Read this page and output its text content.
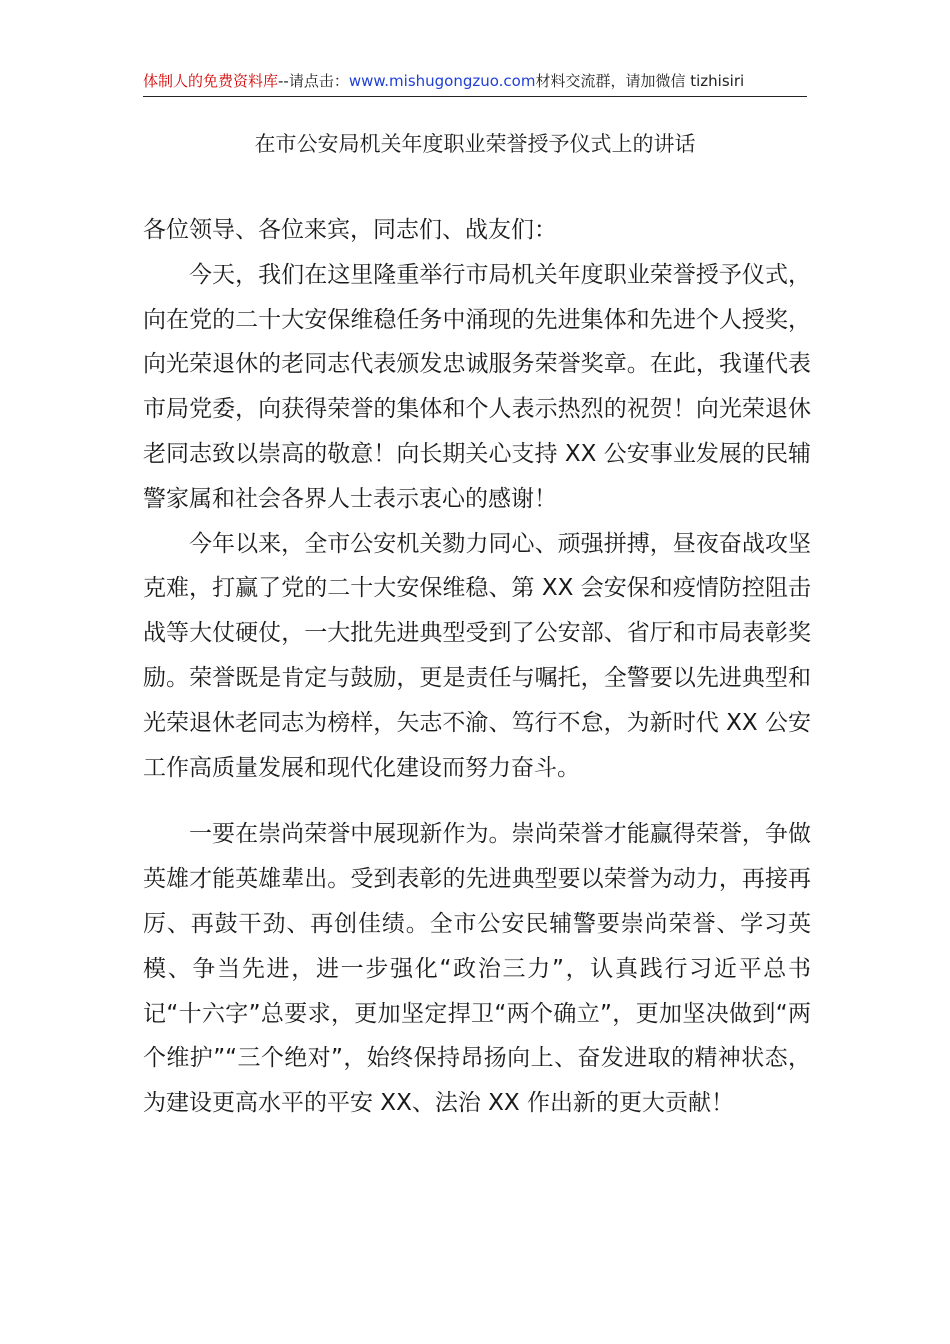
体制人的免费资料库--请点击：www.mishugongzuo.com材料交流群，请加微信 tizhisiri
在市公安局机关年度职业荣誉授予仪式上的讲话

各位领导、各位来宾，同志们、战友们：

今天，我们在这里隆重举行市局机关年度职业荣誉授予仪式，向在党的二十大安保维稳任务中涌现的先进集体和先进个人授奖，向光荣退休的老同志代表颁发忠诚服务荣誉奖章。在此，我谨代表市局党委，向获得荣誉的集体和个人表示热烈的祝贺！向光荣退休老同志致以崇高的敬意！向长期关心支持 XX 公安事业发展的民辅警家属和社会各界人士表示衷心的感谢！

今年以来，全市公安机关勠力同心、顽强拼搏，昼夜奋战攻坚克难，打赢了党的二十大安保维稳、第 XX 会安保和疫情防控阻击战等大仗硬仗，一大批先进典型受到了公安部、省厅和市局表彰奖励。荣誉既是肯定与鼓励，更是责任与嘱托，全警要以先进典型和光荣退休老同志为榜样，矢志不渝、笃行不怠，为新时代 XX 公安工作高质量发展和现代化建设而努力奋斗。

一要在崇尚荣誉中展现新作为。崇尚荣誉才能赢得荣誉，争做英雄才能英雄辈出。受到表彰的先进典型要以荣誉为动力，再接再厉、再鼓干劲、再创佳绩。全市公安民辅警要崇尚荣誉、学习英模、争当先进，进一步强化“政治三力”，认真践行习近平总书记“十六字”总要求，更加坚定捍卫“两个确立”，更加坚决做到“两个维护”“三个绝对”，始终保持昂扬向上、奋发进取的精神状态，为建设更高水平的平安 XX、法治 XX 作出新的更大贡献！
